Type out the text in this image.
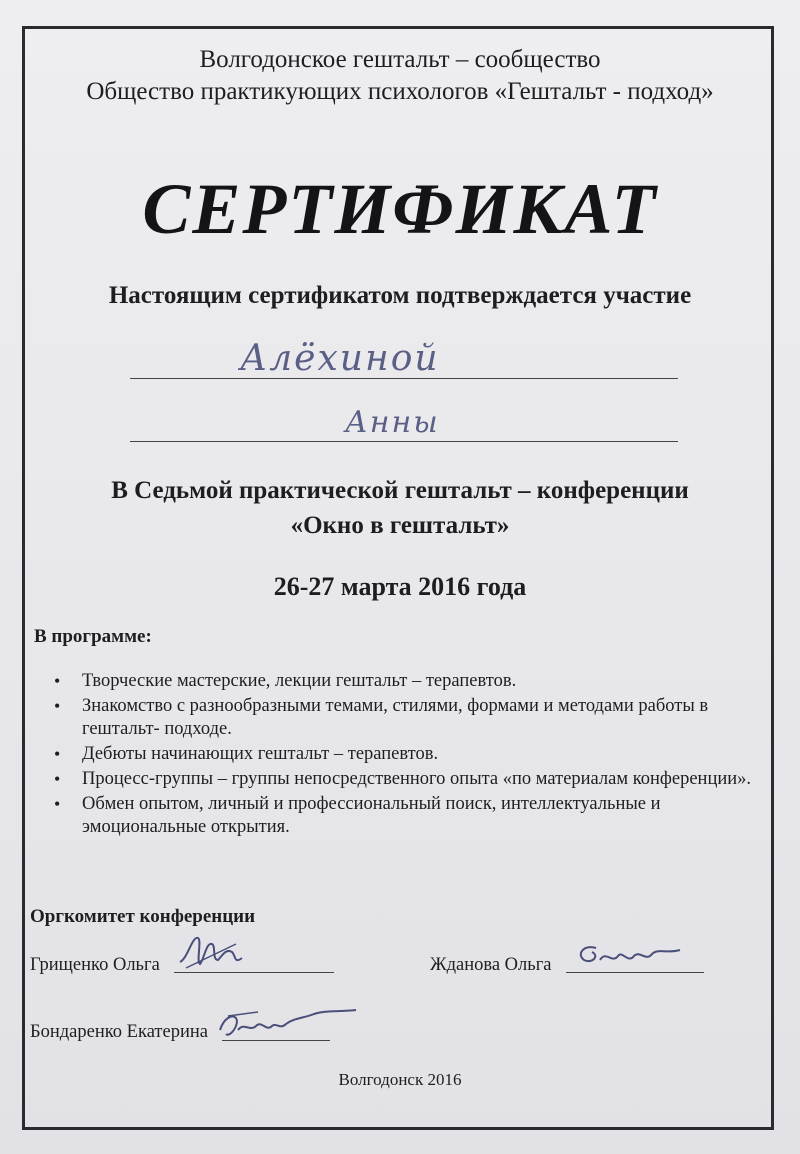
Волгодонское гештальт – сообщество
Общество практикующих психологов «Гештальт - подход»
СЕРТИФИКАТ
Настоящим сертификатом подтверждается участие
Алёхиной
Анны
В Седьмой практической гештальт – конференции
«Окно в гештальт»
26-27 марта 2016 года
В программе:
• Творческие мастерские, лекции гештальт – терапевтов.
• Знакомство с разнообразными темами, стилями, формами и методами работы в гештальт- подходе.
• Дебюты начинающих гештальт – терапевтов.
• Процесс-группы – группы непосредственного опыта «по материалам конференции».
• Обмен опытом, личный и профессиональный поиск, интеллектуальные и эмоциональные открытия.
Оргкомитет конференции
Грищенко Ольга	Жданова Ольга
Бондаренко Екатерина
Волгодонск 2016
